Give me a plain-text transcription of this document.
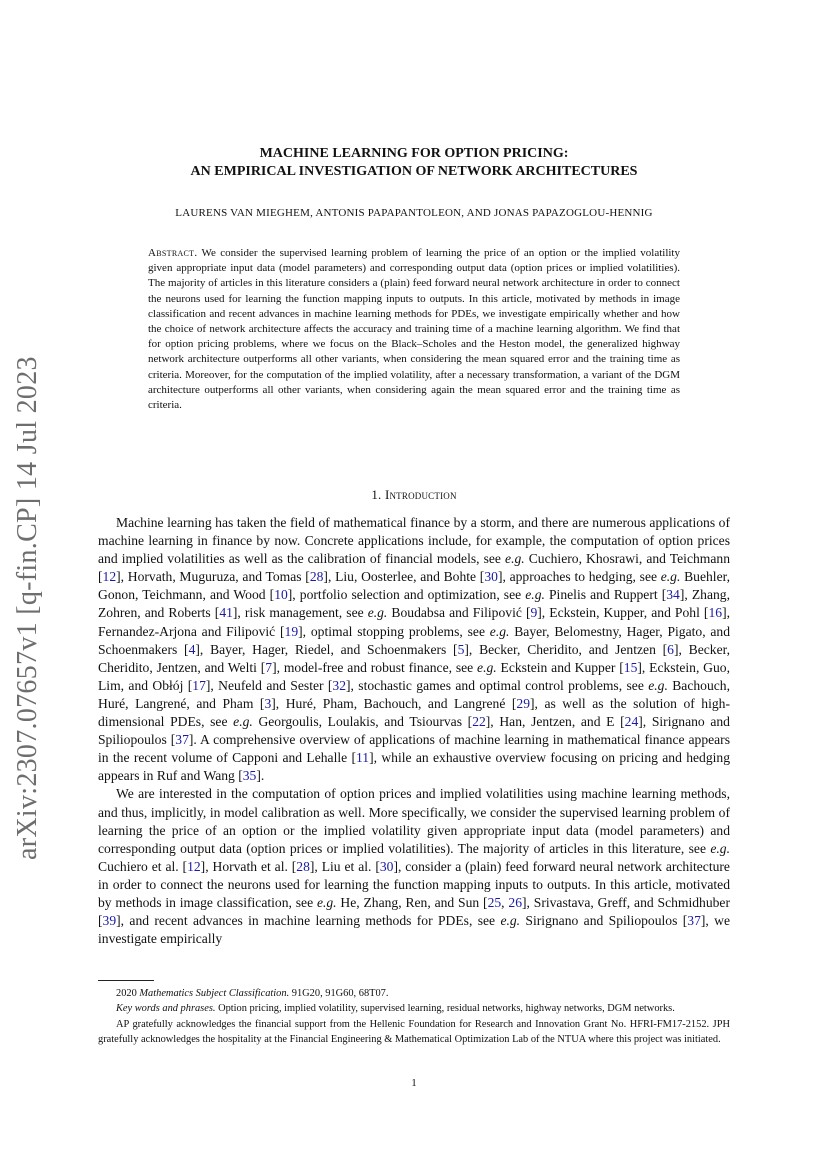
arXiv:2307.07657v1 [q-fin.CP] 14 Jul 2023
MACHINE LEARNING FOR OPTION PRICING:
AN EMPIRICAL INVESTIGATION OF NETWORK ARCHITECTURES
LAURENS VAN MIEGHEM, ANTONIS PAPAPANTOLEON, AND JONAS PAPAZOGLOU-HENNIG
Abstract. We consider the supervised learning problem of learning the price of an option or the implied volatility given appropriate input data (model parameters) and corresponding output data (option prices or implied volatilities). The majority of articles in this literature considers a (plain) feed forward neural network architecture in order to connect the neurons used for learning the function mapping inputs to outputs. In this article, motivated by methods in image classification and recent advances in machine learning methods for PDEs, we investigate empirically whether and how the choice of network architecture affects the accuracy and training time of a machine learning algorithm. We find that for option pricing problems, where we focus on the Black–Scholes and the Heston model, the generalized highway network architecture outperforms all other variants, when considering the mean squared error and the training time as criteria. Moreover, for the computation of the implied volatility, after a necessary transformation, a variant of the DGM architecture outperforms all other variants, when considering again the mean squared error and the training time as criteria.
1. Introduction

Machine learning has taken the field of mathematical finance by a storm, and there are numerous applications of machine learning in finance by now. Concrete applications include, for example, the computation of option prices and implied volatilities as well as the calibration of financial models, see e.g. Cuchiero, Khosrawi, and Teichmann [12], Horvath, Muguruza, and Tomas [28], Liu, Oosterlee, and Bohte [30], approaches to hedging, see e.g. Buehler, Gonon, Teichmann, and Wood [10], portfolio selection and optimization, see e.g. Pinelis and Ruppert [34], Zhang, Zohren, and Roberts [41], risk management, see e.g. Boudabsa and Filipović [9], Eckstein, Kupper, and Pohl [16], Fernandez-Arjona and Filipović [19], optimal stopping problems, see e.g. Bayer, Belomestny, Hager, Pigato, and Schoenmakers [4], Bayer, Hager, Riedel, and Schoenmakers [5], Becker, Cheridito, and Jentzen [6], Becker, Cheridito, Jentzen, and Welti [7], model-free and robust finance, see e.g. Eckstein and Kupper [15], Eckstein, Guo, Lim, and Obłój [17], Neufeld and Sester [32], stochastic games and optimal control problems, see e.g. Bachouch, Huré, Langrené, and Pham [3], Huré, Pham, Bachouch, and Langrené [29], as well as the solution of high-dimensional PDEs, see e.g. Georgoulis, Loulakis, and Tsiourvas [22], Han, Jentzen, and E [24], Sirignano and Spiliopoulos [37]. A comprehensive overview of applications of machine learning in mathematical finance appears in the recent volume of Capponi and Lehalle [11], while an exhaustive overview focusing on pricing and hedging appears in Ruf and Wang [35].

We are interested in the computation of option prices and implied volatilities using machine learning methods, and thus, implicitly, in model calibration as well. More specifically, we consider the supervised learning problem of learning the price of an option or the implied volatility given appropriate input data (model parameters) and corresponding output data (option prices or implied volatilities). The majority of articles in this literature, see e.g. Cuchiero et al. [12], Horvath et al. [28], Liu et al. [30], consider a (plain) feed forward neural network architecture in order to connect the neurons used for learning the function mapping inputs to outputs. In this article, motivated by methods in image classification, see e.g. He, Zhang, Ren, and Sun [25, 26], Srivastava, Greff, and Schmidhuber [39], and recent advances in machine learning methods for PDEs, see e.g. Sirignano and Spiliopoulos [37], we investigate empirically

2020 Mathematics Subject Classification. 91G20, 91G60, 68T07.

Key words and phrases. Option pricing, implied volatility, supervised learning, residual networks, highway networks, DGM networks.

AP gratefully acknowledges the financial support from the Hellenic Foundation for Research and Innovation Grant No. HFRI-FM17-2152. JPH gratefully acknowledges the hospitality at the Financial Engineering & Mathematical Optimization Lab of the NTUA where this project was initiated.

1
